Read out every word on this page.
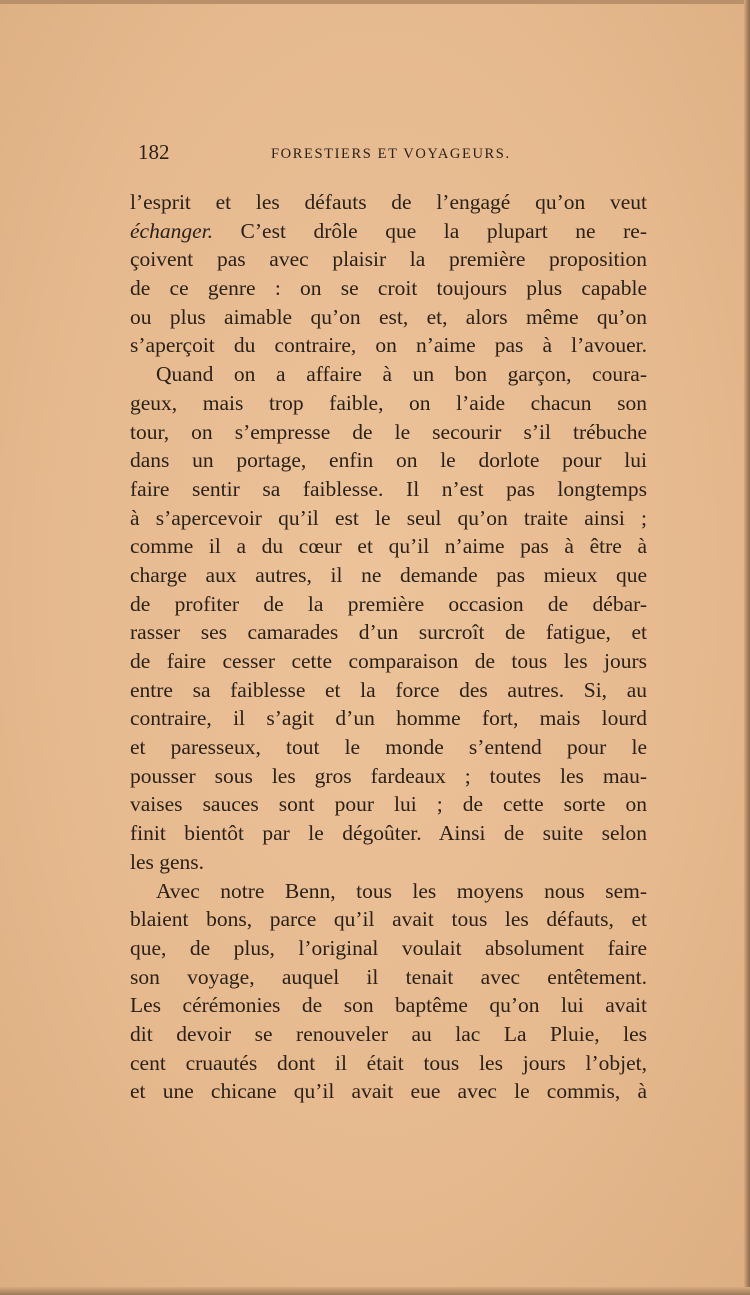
182	FORESTIERS ET VOYAGEURS.
l’esprit et les défauts de l’engagé qu’on veut
échanger. C’est drôle que la plupart ne re-
çoivent pas avec plaisir la première proposition
de ce genre : on se croit toujours plus capable
ou plus aimable qu’on est, et, alors même qu’on
s’aperçoit du contraire, on n’aime pas à l’avouer.
Quand on a affaire à un bon garçon, coura-
geux, mais trop faible, on l’aide chacun son
tour, on s’empresse de le secourir s’il trébuche
dans un portage, enfin on le dorlote pour lui
faire sentir sa faiblesse. Il n’est pas longtemps
à s’apercevoir qu’il est le seul qu’on traite ainsi ;
comme il a du cœur et qu’il n’aime pas à être à
charge aux autres, il ne demande pas mieux que
de profiter de la première occasion de débar-
rasser ses camarades d’un surcroît de fatigue, et
de faire cesser cette comparaison de tous les jours
entre sa faiblesse et la force des autres. Si, au
contraire, il s’agit d’un homme fort, mais lourd
et paresseux, tout le monde s’entend pour le
pousser sous les gros fardeaux ; toutes les mau-
vaises sauces sont pour lui ; de cette sorte on
finit bientôt par le dégoûter. Ainsi de suite selon
les gens.
Avec notre Benn, tous les moyens nous sem-
blaient bons, parce qu’il avait tous les défauts, et
que, de plus, l’original voulait absolument faire
son voyage, auquel il tenait avec entêtement.
Les cérémonies de son baptême qu’on lui avait
dit devoir se renouveler au lac La Pluie, les
cent cruautés dont il était tous les jours l’objet,
et une chicane qu’il avait eue avec le commis, à
